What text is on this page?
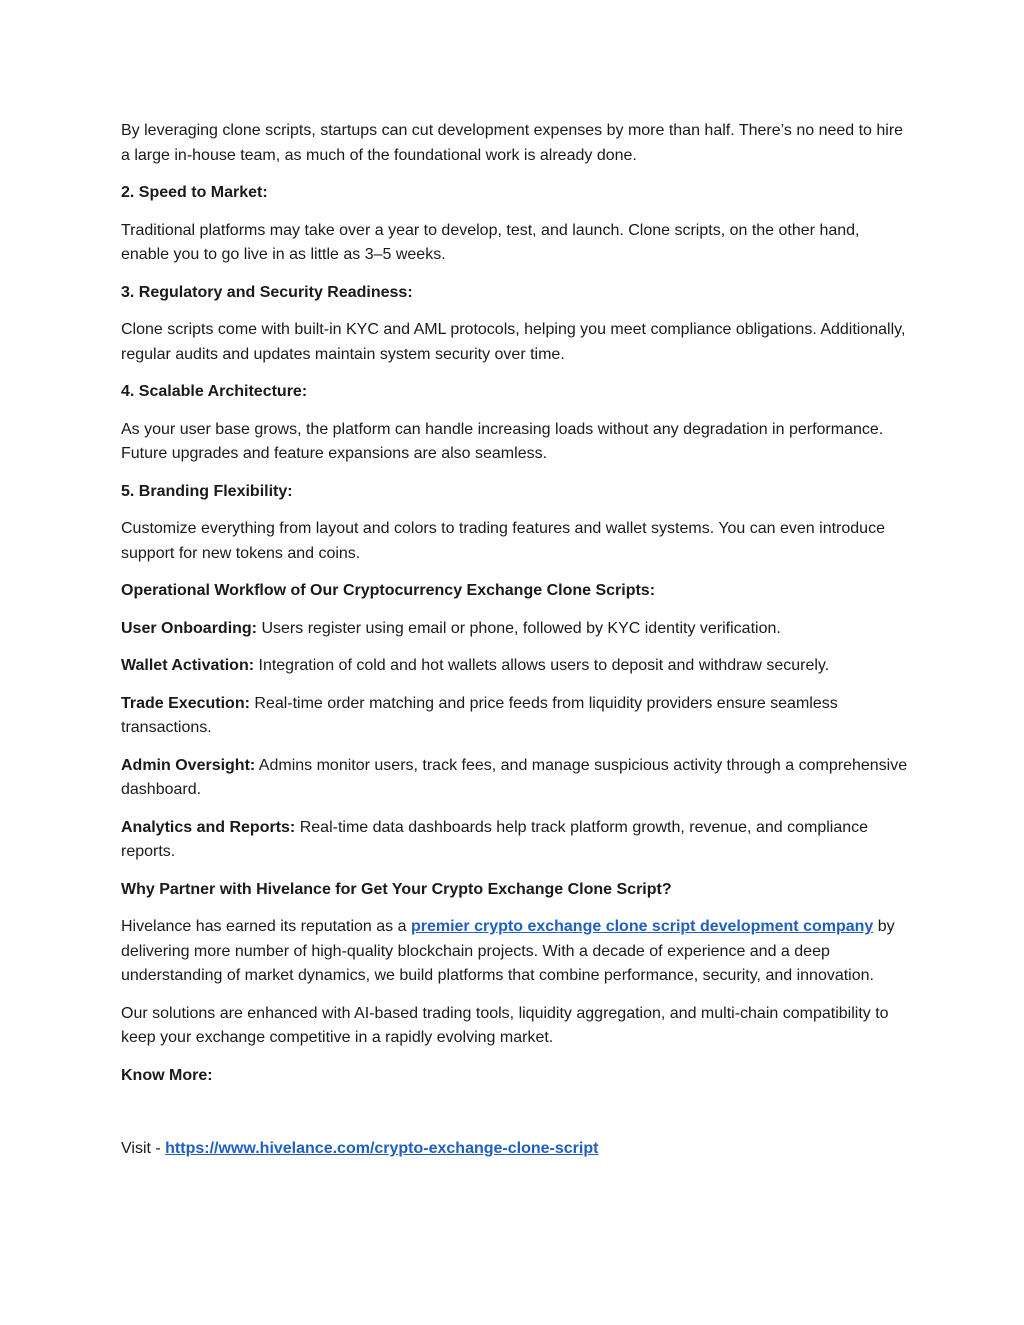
By leveraging clone scripts, startups can cut development expenses by more than half. There’s no need to hire a large in-house team, as much of the foundational work is already done.

2. Speed to Market:

Traditional platforms may take over a year to develop, test, and launch. Clone scripts, on the other hand, enable you to go live in as little as 3–5 weeks.

3. Regulatory and Security Readiness:

Clone scripts come with built-in KYC and AML protocols, helping you meet compliance obligations. Additionally, regular audits and updates maintain system security over time.

4. Scalable Architecture:

As your user base grows, the platform can handle increasing loads without any degradation in performance. Future upgrades and feature expansions are also seamless.

5. Branding Flexibility:

Customize everything from layout and colors to trading features and wallet systems. You can even introduce support for new tokens and coins.

Operational Workflow of Our Cryptocurrency Exchange Clone Scripts:

User Onboarding: Users register using email or phone, followed by KYC identity verification.

Wallet Activation: Integration of cold and hot wallets allows users to deposit and withdraw securely.

Trade Execution: Real-time order matching and price feeds from liquidity providers ensure seamless transactions.

Admin Oversight: Admins monitor users, track fees, and manage suspicious activity through a comprehensive dashboard.

Analytics and Reports: Real-time data dashboards help track platform growth, revenue, and compliance reports.

Why Partner with Hivelance for Get Your Crypto Exchange Clone Script?

Hivelance has earned its reputation as a premier crypto exchange clone script development company by delivering more number of high-quality blockchain projects. With a decade of experience and a deep understanding of market dynamics, we build platforms that combine performance, security, and innovation.

Our solutions are enhanced with AI-based trading tools, liquidity aggregation, and multi-chain compatibility to keep your exchange competitive in a rapidly evolving market.

Know More:

Visit - https://www.hivelance.com/crypto-exchange-clone-script
